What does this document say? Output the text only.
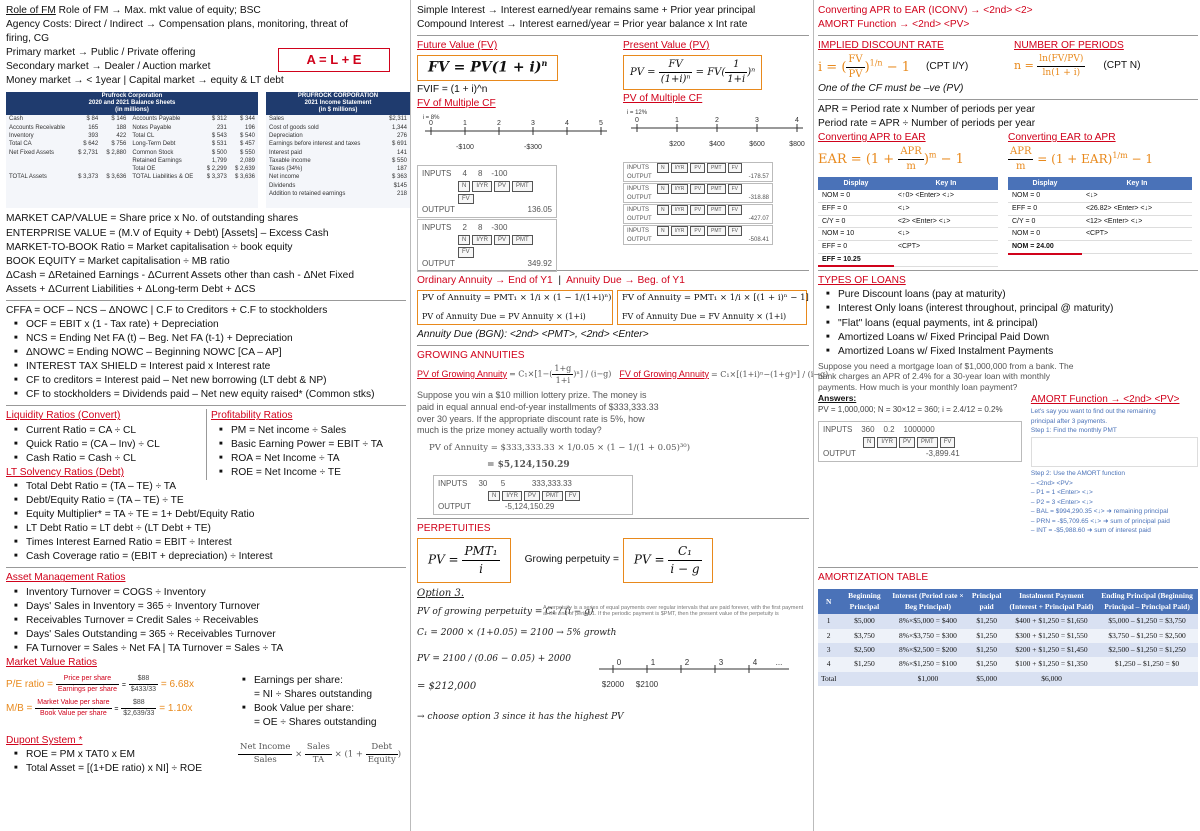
Role of FM Role of FM → Max. mkt value of equity; BSC
Agency Costs: Direct / Indirect → Compensation plans, monitoring, threat of
firing, CG
Primary market → Public / Private offering
Secondary market → Dealer / Auction market
Money market → < 1year | Capital market → equity & LT debt
A = L + E
Prufrock Corporation
2020 and 2021 Balance Sheets
(in millions)
Cash	$ 84	$ 146	Accounts Payable	$ 312	$ 344
Accounts Receivable	165	188	Notes Payable	231	196
Inventory	393	422	Total CL	$ 543	$ 540
Total CA	$ 642	$ 756	Long-Term Debt	$ 531	$ 457
Net Fixed Assets	$ 2,731	$ 2,880	Common Stock	$ 500	$ 550
			Retained Earnings	1,799	2,089
			Total OE	$ 2,299	$ 2,639
TOTAL Assets	$ 3,373	$ 3,636	TOTAL Liabilities & OE	$ 3,373	$ 3,636
PRUFROCK CORPORATION
2021 Income Statement
(in $ millions)
Sales	$2,311
Cost of goods sold	1,344
Depreciation	276
Earnings before interest and taxes	$ 691
Interest paid	141
Taxable income	$ 550
Taxes (34%)	187
Net income	$ 363
Dividends	$145
Addition to retained earnings	218
MARKET CAP/VALUE = Share price x No. of outstanding shares
ENTERPRISE VALUE = (M.V of Equity + Debt) [Assets] – Excess Cash
MARKET-TO-BOOK Ratio = Market capitalisation ÷ book equity
BOOK EQUITY = Market capitalisation ÷ MB ratio
ΔCash = ΔRetained Earnings - ΔCurrent Assets other than cash - ΔNet Fixed
Assets + ΔCurrent Liabilities + ΔLong-term Debt + ΔCS
CFFA = OCF – NCS – ΔNOWC | C.F to Creditors + C.F to stockholders
■ OCF = EBIT x (1 - Tax rate) + Depreciation
■ NCS = Ending Net FA (t) – Beg. Net FA (t-1) + Depreciation
■ ΔNOWC = Ending NOWC – Beginning NOWC [CA – AP]
■ INTEREST TAX SHIELD = Interest paid x Interest rate
■ CF to creditors = Interest paid – Net new borrowing (LT debt & NP)
■ CF to stockholders = Dividends paid – Net new equity raised* (Common stks)
Liquidity Ratios (Convert)
■ Current Ratio = CA ÷ CL
■ Quick Ratio = (CA – Inv) ÷ CL
■ Cash Ratio = Cash ÷ CL
Profitability Ratios
■ PM = Net income ÷ Sales
■ Basic Earning Power = EBIT ÷ TA
■ ROA = Net Income ÷ TA
■ ROE = Net Income ÷ TE
LT Solvency Ratios (Debt)
■ Total Debt Ratio = (TA – TE) ÷ TA
■ Debt/Equity Ratio = (TA – TE) ÷ TE
■ Equity Multiplier* = TA ÷ TE = 1+ Debt/Equity Ratio
■ LT Debt Ratio = LT debt ÷ (LT Debt + TE)
■ Times Interest Earned Ratio = EBIT ÷ Interest
■ Cash Coverage ratio = (EBIT + depreciation) ÷ Interest
Asset Management Ratios
■ Inventory Turnover = COGS ÷ Inventory
■ Days' Sales in Inventory = 365 ÷ Inventory Turnover
■ Receivables Turnover = Credit Sales ÷ Receivables
■ Days' Sales Outstanding = 365 ÷ Receivables Turnover
■ FA Turnover = Sales ÷ Net FA | TA Turnover = Sales ÷ TA
Market Value Ratios
P/E ratio = $\frac{\text{Price per share}}{\text{Earnings per share}} = \frac{\$88}{\$433/33} = 6.68x$
$M/B = \frac{\text{Market Value per share}}{\text{Book Value per share}} = \frac{\$88}{\$2,639/33} = 1.10x$
■ Earnings per share:
= NI ÷ Shares outstanding
■ Book Value per share:
= OE ÷ Shares outstanding
Dupont System *
■ ROE = PM x TAT0 x EM
■ Total Asset = [(1+DE ratio) x NI] ÷ ROE
$\frac{\text{Net Income}}{\text{Sales}} \times \frac{\text{Sales}}{TA} \times (1 + \frac{\text{Debt}}{\text{Equity}}$ )
Simple Interest → Interest earned/year remains same + Prior year principal
Compound Interest → Interest earned/year = Prior year balance x Int rate
Future Value (FV)
FV = $PV(1 + i)^n$
FVIF = (1 + i)^n
FV of Multiple CF
i = 8%
0	1	2	3	4	5
-$100	-$300
INPUTS 4 8 -100
N I/YR PV PMTFV
OUTPUT	136.05
INPUTS 2 8 -300
N I/YR PV PMTFV
OUTPUT	349.92
Present Value (PV)
PV = $\frac{FV}{\text{(1+i)ⁿ}} = FV( \frac{1}{1+i} )^n$
PV of Multiple CF
i = 12%
0	1	2	3	4
$200	$400	$600	$800
INPUTS N I/YR PV PMT FV
OUTPUT	-178.57
INPUTS N I/YR PV PMT FV
OUTPUT	-318.88
INPUTS N I/YR PV PMT FV
OUTPUT	-427.07
INPUTS N I/YR PV PMT FV
OUTPUT	-508.41
Ordinary Annuity → End of Y1  |  Annuity Due → Beg. of Y1
PV of Annuity = PMT₁ × 1/i × (1 − 1/(1+i)ⁿ)
PV of Annuity Due = PV Annuity × (1+i)
FV of Annuity = PMT₁ × 1/i × [(1 + i)ⁿ − 1]
FV of Annuity Due = FV Annuity × (1+i)
Annuity Due (BGN): <2nd> <PMT>, <2nd> <Enter>
GROWING ANNUITIES
PV of Growing Annuity = $C_1\times[1-( \frac{1+g}{1+i} )^n] / (i-g)$ FV of Growing Annuity = C₁×[(1+i)ⁿ−(1+g)ⁿ] / (i−g)
Suppose you win a $10 million lottery prize. The money is
paid in equal annual end-of-year installments of $333,333.33
over 30 years. If the appropriate discount rate is 5%, how
much is the prize money actually worth today?
PV of Annuity = $333,333.33 × 1/0.05 × (1 − 1/(1 + 0.05)³⁰)
= $5,124,150.29
INPUTS 30 5	333,333.33
N I/YR PV PMT FV
OUTPUT	-5,124,150.29
PERPETUITIES
PV = $\frac{\text{PMT₁}}{i}$ Growing perpetuity =	PV = $\frac{\text{C₁}}{i - g}$
Option 3.
PV of growing perpetuity = C₁ / (i − g)
A perpetuity is a series of equal payments over regular intervals that are paid forever, with the first payment at the end of period 1. If the periodic payment is $PMT, then the present value of the perpetuity is
C₁ = 2000 × (1+0.05) = 2100 → 5% growth
PV = 2100 / (0.06 − 0.05) + 2000	0	1	2	3	4 ...
$2000 $2100
= $212,000
→ choose option 3 since it has the highest PV
Converting APR to EAR (ICONV) → <2nd> <2>
AMORT Function → <2nd> <PV>
IMPLIED DISCOUNT RATE
i = ( $\frac{FV}{PV} )^{1/n} - 1$ (CPT I/Y)
NUMBER OF PERIODS
$n = \frac{\ln(FV/PV)}{\ln(1 + i)} (CPT$ N)
One of the CF must be –ve (PV)
APR = Period rate x Number of periods per year
Period rate = APR ÷ Number of periods per year
Converting APR to EAR
EAR = $(1 + \frac{\text{APR}}{m} )^m - 1$
Display	Key In
NOM = 0	<↑0> <Enter> <↓>
EFF = 0	<↓>
C/Y = 0	<2> <Enter> <↓>
NOM = 10	<↓>
EFF = 0	<CPT>
EFF = 10.25	
Converting EAR to APR
$\frac{\text{APR}}{m} = (1 + EAR)^{1/m} - 1$
Display	Key In
NOM = 0	<↓>
EFF = 0	<26.82> <Enter> <↓>
C/Y = 0	<12> <Enter> <↓>
NOM = 0	<CPT>
NOM = 24.00	
TYPES OF LOANS
■ Pure Discount loans (pay at maturity)
■ Interest Only loans (interest throughout, principal @ maturity)
■ "Flat" loans (equal payments, int & principal)
■ Amortized Loans w/ Fixed Principal Paid Down
■ Amortized Loans w/ Fixed Instalment Payments
Suppose you need a mortgage loan of $1,000,000 from a bank. The
bank charges an APR of 2.4% for a 30-year loan with monthly
payments. How much is your monthly loan payment?
Answers:
PV = 1,000,000; N = 30×12 = 360; i = 2.4/12 = 0.2%
INPUTS 360 0.2 1000000
N I/YR PV PMT FV
OUTPUT	-3,899.41
AMORT Function → <2nd> <PV>
Let's say you want to find out the remaining
principal after 3 payments.
Step 1: Find the monthly PMT
Step 2: Use the AMORT function
– <2nd> <PV>
– P1 = 1 <Enter> <↓>
– P2 = 3 <Enter> <↓>
– BAL = $994,290.35 <↓> ➜ remaining principal
– PRN = -$5,709.65 <↓> ➜ sum of principal paid
– INT = -$5,988.60 ➜ sum of interest paid
AMORTIZATION TABLE
N	Beginning Principal	Interest (Period rate × Beg Principal)	Principal paid	Instalment Payment (Interest + Principal Paid)	Ending Principal (Beginning Principal – Principal Paid)
1	$5,000	8%×$5,000 = $400	$1,250	$400 + $1,250 = $1,650	$5,000 – $1,250 = $3,750
2	$3,750	8%×$3,750 = $300	$1,250	$300 + $1,250 = $1,550	$3,750 – $1,250 = $2,500
3	$2,500	8%×$2,500 = $200	$1,250	$200 + $1,250 = $1,450	$2,500 – $1,250 = $1,250
4	$1,250	8%×$1,250 = $100	$1,250	$100 + $1,250 = $1,350	$1,250 – $1,250 = $0
Total		$1,000	$5,000	$6,000	
